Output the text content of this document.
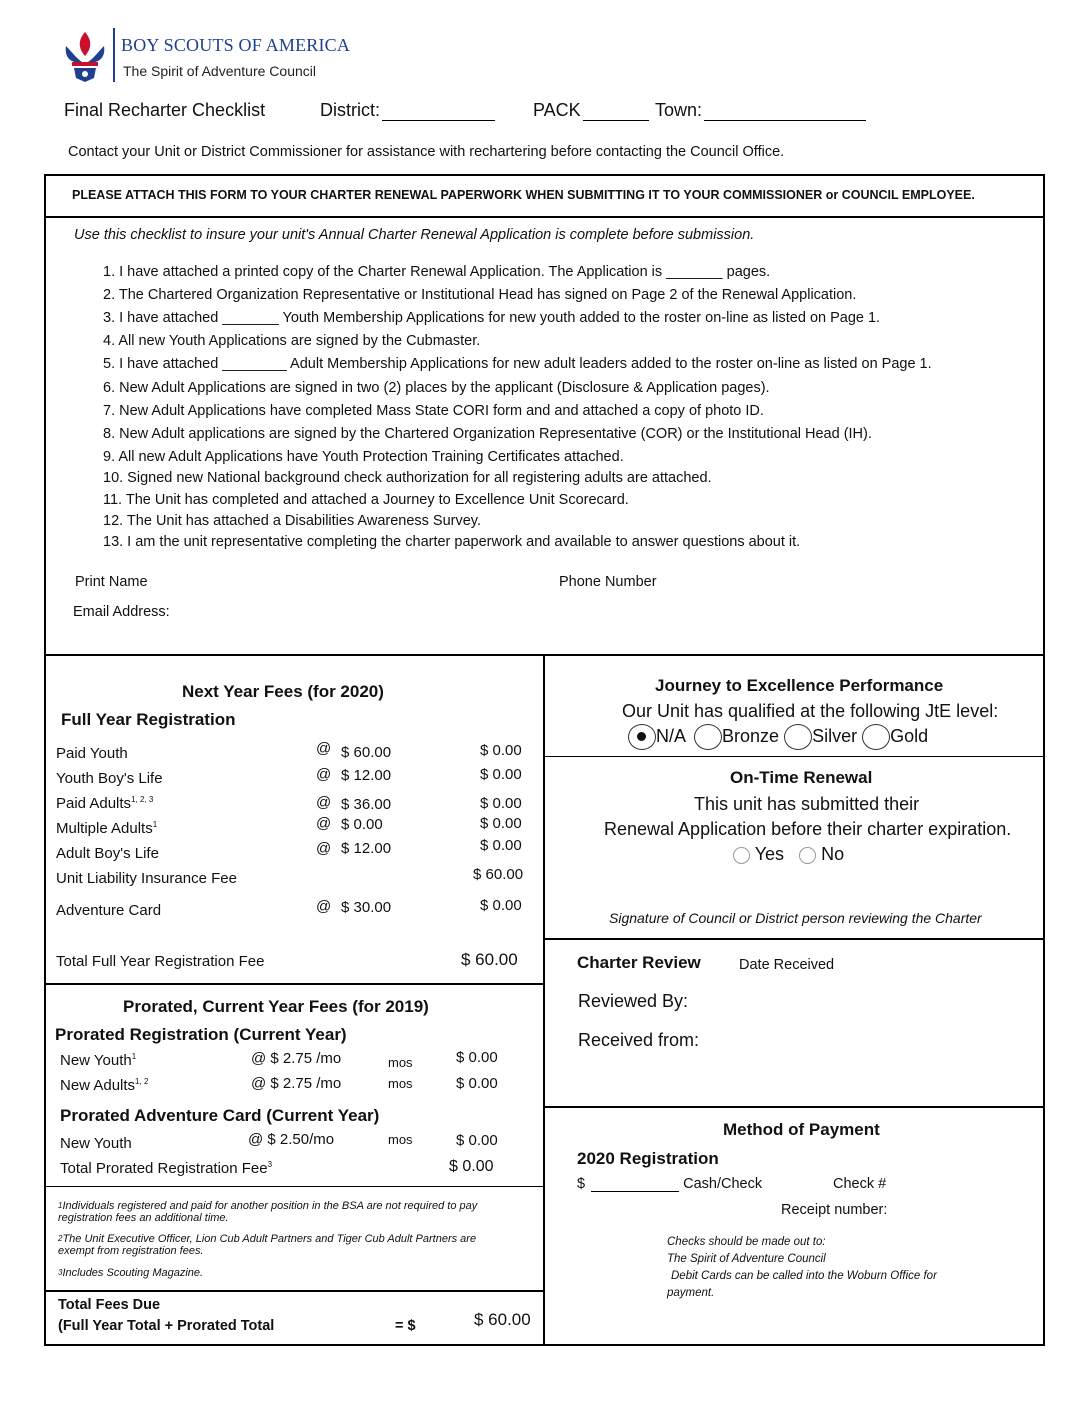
BOY SCOUTS OF AMERICA
The Spirit of Adventure Council
Final Recharter Checklist	District:	PACK	Town:
Contact your Unit or District Commissioner for assistance with rechartering before contacting the Council Office.
PLEASE ATTACH THIS FORM TO YOUR CHARTER RENEWAL PAPERWORK WHEN SUBMITTING IT TO YOUR COMMISSIONER or COUNCIL EMPLOYEE.
Use this checklist to insure your unit's Annual Charter Renewal Application is complete before submission.
1. I have attached a printed copy of the Charter Renewal Application. The Application is _______ pages.
2. The Chartered Organization Representative or Institutional Head has signed on Page 2 of the Renewal Application.
3. I have attached _______ Youth Membership Applications for new youth added to the roster on-line as listed on Page 1.
4. All new Youth Applications are signed by the Cubmaster.
5. I have attached ________ Adult Membership Applications for new adult leaders added to the roster on-line as listed on Page 1.
6. New Adult Applications are signed in two (2) places by the applicant (Disclosure & Application pages).
7. New Adult Applications have completed Mass State CORI form and and attached a copy of photo ID.
8. New Adult applications are signed by the Chartered Organization Representative (COR) or the Institutional Head (IH).
9. All new Adult Applications have Youth Protection Training Certificates attached.
10. Signed new National background check authorization for all registering adults are attached.
11. The Unit has completed and attached a Journey to Excellence Unit Scorecard.
12. The Unit has attached a Disabilities Awareness Survey.
13. I am the unit representative completing the charter paperwork and available to answer questions about it.
Print Name	Phone Number
Email Address:
Next Year Fees (for 2020)
Full Year Registration
Paid Youth	@ $ 60.00	$ 0.00
Youth Boy's Life	@ $ 12.00	$ 0.00
Paid Adults$^{1, 2, 3}$	@ $ 36.00	$ 0.00
Multiple Adults$^1$	@ $ 0.00	$ 0.00
Adult Boy's Life	@ $ 12.00	$ 0.00
Unit Liability Insurance Fee	$ 60.00
Adventure Card	@ $ 30.00	$ 0.00
Total Full Year Registration Fee	$ 60.00
Prorated, Current Year Fees (for 2019)
Prorated Registration (Current Year)
New Youth$^1$	@ $ 2.75 /mo	mos	$ 0.00
New Adults$^{1, 2}$	@ $ 2.75 /mo	mos	$ 0.00
Prorated Adventure Card (Current Year)
New Youth	@ $ 2.50/mo	mos	$ 0.00
Total Prorated Registration Fee$^3$	$ 0.00
$^1$Individuals registered and paid for another position in the BSA are not required to pay registration fees an additional time.
$^2$The Unit Executive Officer, Lion Cub Adult Partners and Tiger Cub Adult Partners are exempt from registration fees.
$^3$Includes Scouting Magazine.
Total Fees Due
(Full Year Total + Prorated Total	= $	$ 60.00
Journey to Excellence Performance
Our Unit has qualified at the following JtE level:
N/A Bronze Silver Gold
On-Time Renewal
This unit has submitted their
Renewal Application before their charter expiration.
Yes No
Signature of Council or District person reviewing the Charter
Charter Review	Date Received
Reviewed By:
Received from:
Method of Payment
2020 Registration
$	Cash/Check	Check #
Receipt number:
Checks should be made out to:
The Spirit of Adventure Council
Debit Cards can be called into the Woburn Office for
payment.
